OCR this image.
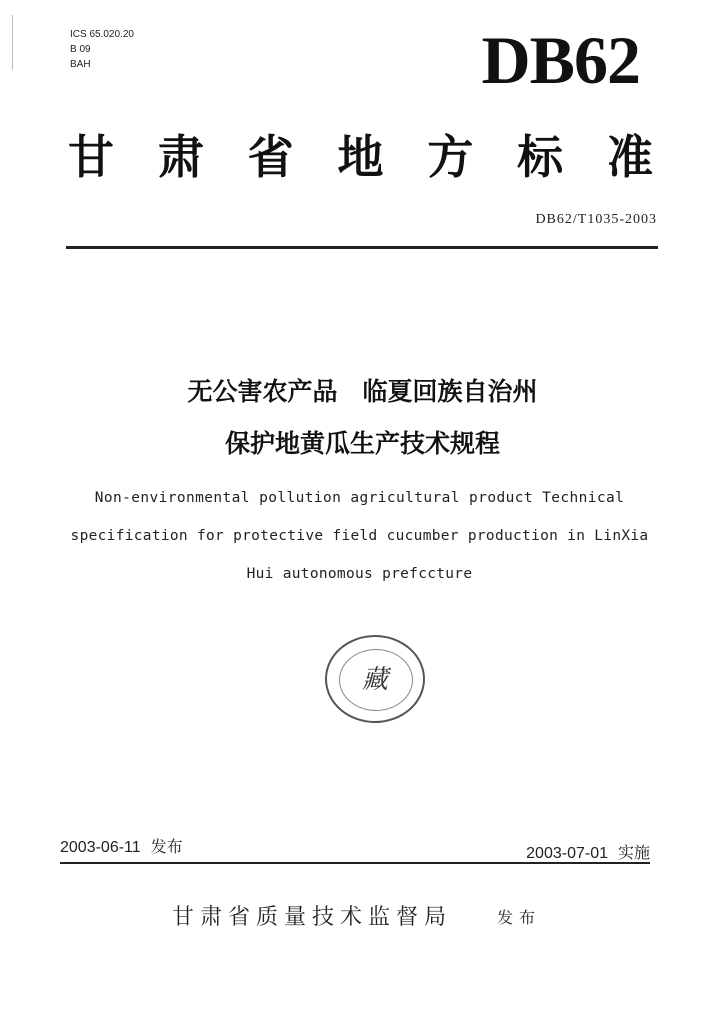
ICS 65.020.20
B 09
BAH	DB62
甘 肃 省 地 方 标 准
DB62/T1035-2003
无公害农产品　临夏回族自治州
保护地黄瓜生产技术规程
Non-environmental pollution agricultural product Technical
specification for protective field cucumber production in LinXia
Hui autonomous prefccture
藏
2003-06-11 发布	2003-07-01 实施
甘肃省质量技术监督局	发布
